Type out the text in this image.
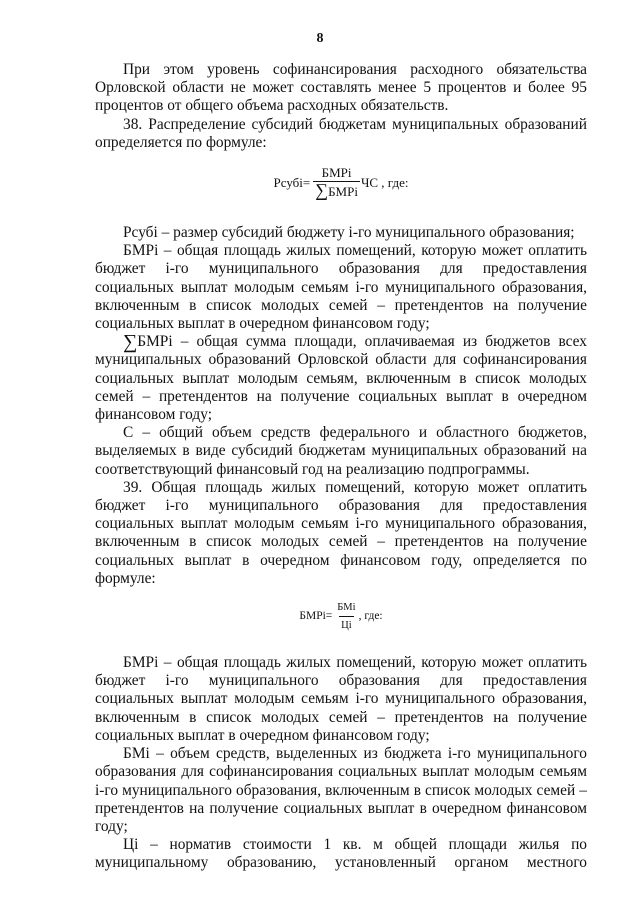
8

При этом уровень софинансирования расходного обязательства Орловской области не может составлять менее 5 процентов и более 95 процентов от общего объема расходных обязательств.

38. Распределение субсидий бюджетам муниципальных образований определяется по формуле:

Рсубi= $\frac{\text{БМРi}}{\text{∑БМРi}}$ ЧС , где:

Рсубi – размер субсидий бюджету i-го муниципального образования;

БМРi – общая площадь жилых помещений, которую может оплатить бюджет i-го муниципального образования для предоставления социальных выплат молодым семьям i-го муниципального образования, включенным в список молодых семей – претендентов на получение социальных выплат в очередном финансовом году;

∑БМРi – общая сумма площади, оплачиваемая из бюджетов всех муниципальных образований Орловской области для софинансирования социальных выплат молодым семьям, включенным в список молодых семей – претендентов на получение социальных выплат в очередном финансовом году;

С – общий объем средств федерального и областного бюджетов, выделяемых в виде субсидий бюджетам муниципальных образований на соответствующий финансовый год на реализацию подпрограммы.

39. Общая площадь жилых помещений, которую может оплатить бюджет i-го муниципального образования для предоставления социальных выплат молодым семьям i-го муниципального образования, включенным в список молодых семей – претендентов на получение социальных выплат в очередном финансовом году, определяется по формуле:

БМРi= $\frac{\text{БМi}}{Цi}$ , где:

БМРi – общая площадь жилых помещений, которую может оплатить бюджет i-го муниципального образования для предоставления социальных выплат молодым семьям i-го муниципального образования, включенным в список молодых семей – претендентов на получение социальных выплат в очередном финансовом году;

БМi – объем средств, выделенных из бюджета i-го муниципального образования для софинансирования социальных выплат молодым семьям i-го муниципального образования, включенным в список молодых семей – претендентов на получение социальных выплат в очередном финансовом году;

Цi – норматив стоимости 1 кв. м общей площади жилья по муниципальному образованию, установленный органом местного
